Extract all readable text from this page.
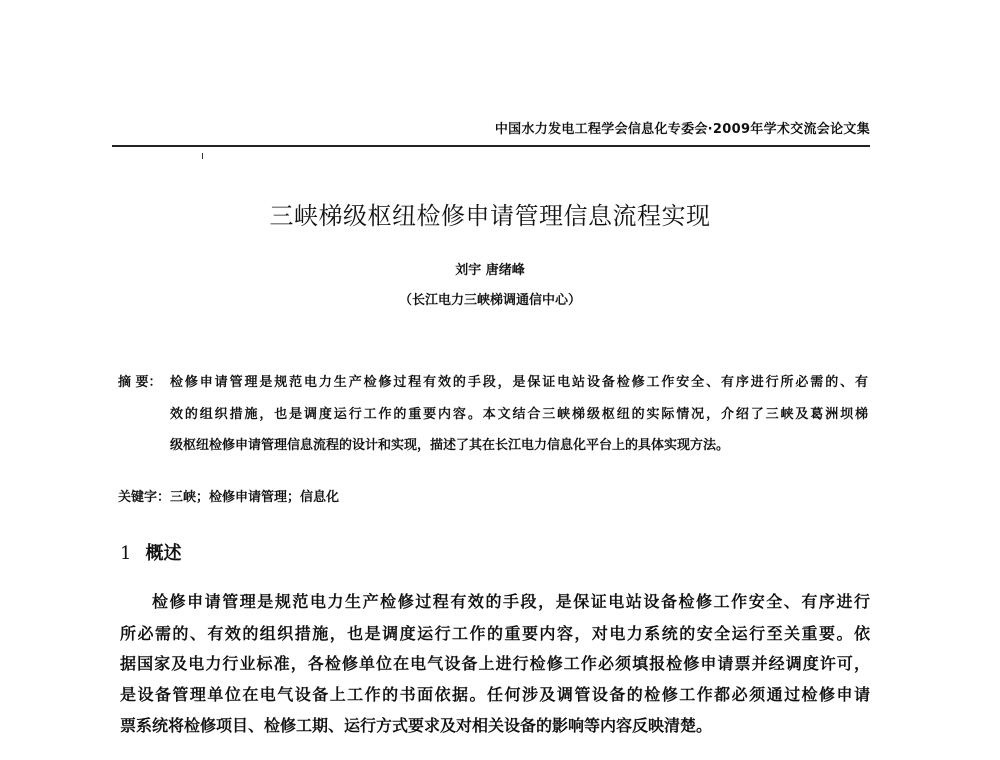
中国水力发电工程学会信息化专委会·2009年学术交流会论文集
三峡梯级枢纽检修申请管理信息流程实现
刘宇 唐绪峰
（长江电力三峡梯调通信中心）
摘 要： 检修申请管理是规范电力生产检修过程有效的手段，是保证电站设备检修工作安全、有序进行所必需的、有
效的组织措施，也是调度运行工作的重要内容。本文结合三峡梯级枢纽的实际情况，介绍了三峡及葛洲坝梯
级枢纽检修申请管理信息流程的设计和实现，描述了其在长江电力信息化平台上的具体实现方法。
关键字：三峡；检修申请管理；信息化
1 概述
检修申请管理是规范电力生产检修过程有效的手段，是保证电站设备检修工作安全、有序进行
所必需的、有效的组织措施，也是调度运行工作的重要内容，对电力系统的安全运行至关重要。依
据国家及电力行业标准，各检修单位在电气设备上进行检修工作必须填报检修申请票并经调度许可，
是设备管理单位在电气设备上工作的书面依据。任何涉及调管设备的检修工作都必须通过检修申请
票系统将检修项目、检修工期、运行方式要求及对相关设备的影响等内容反映清楚。
